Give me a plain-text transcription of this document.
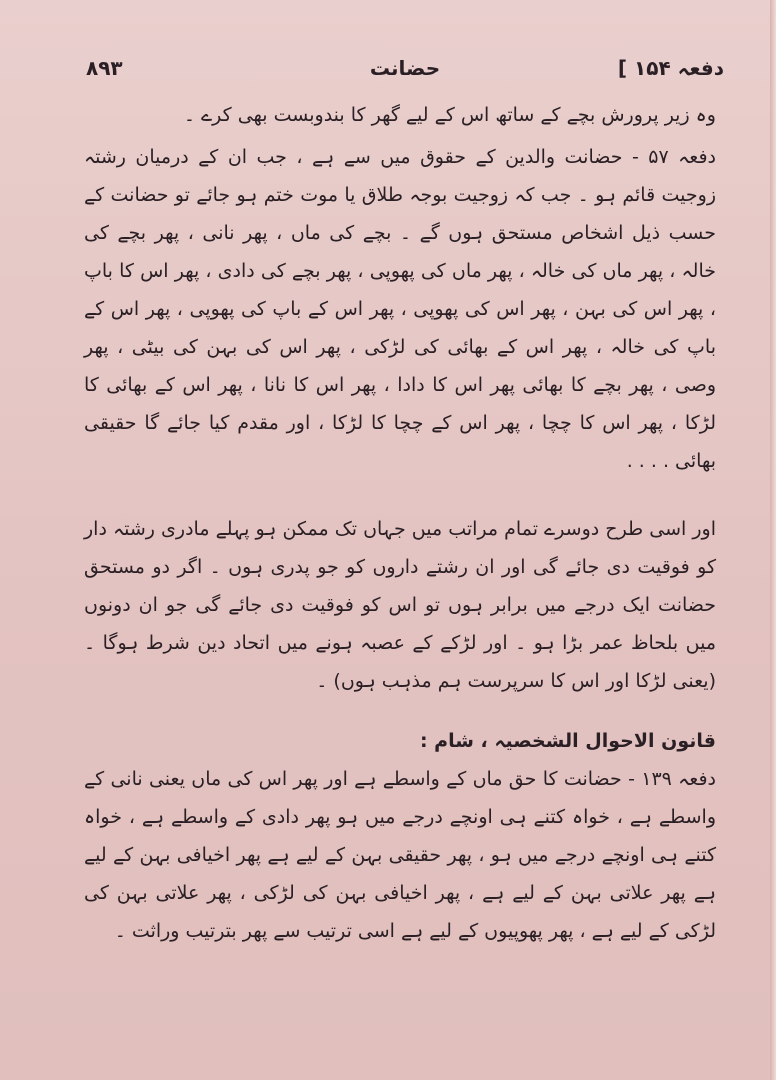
دفعہ ۱۵۴ ]
حضانت
۸۹۳

وہ زیر پرورش بچے کے ساتھ اس کے لیے گھر کا بندوبست بھی کرے ۔

دفعہ ۵۷ - حضانت والدین کے حقوق میں سے ہے ، جب ان کے درمیان رشتہ زوجیت قائم ہو ۔ جب کہ زوجیت بوجہ طلاق یا موت ختم ہو جائے تو حضانت کے حسب ذیل اشخاص مستحق ہوں گے ۔ بچے کی ماں ، پھر نانی ، پھر بچے کی خالہ ، پھر ماں کی خالہ ، پھر ماں کی پھوپی ، پھر بچے کی دادی ، پھر اس کا باپ ، پھر اس کی بہن ، پھر اس کی پھوپی ، پھر اس کے باپ کی پھوپی ، پھر اس کے باپ کی خالہ ، پھر اس کے بھائی کی لڑکی ، پھر اس کی بہن کی بیٹی ، پھر وصی ، پھر بچے کا بھائی پھر اس کا دادا ، پھر اس کا نانا ، پھر اس کے بھائی کا لڑکا ، پھر اس کا چچا ، پھر اس کے چچا کا لڑکا ، اور مقدم کیا جائے گا حقیقی بھائی . . . .

اور اسی طرح دوسرے تمام مراتب میں جہاں تک ممکن ہو پہلے مادری رشتہ دار کو فوقیت دی جائے گی اور ان رشتے داروں کو جو پدری ہوں ۔ اگر دو مستحق حضانت ایک درجے میں برابر ہوں تو اس کو فوقیت دی جائے گی جو ان دونوں میں بلحاظ عمر بڑا ہو ۔ اور لڑکے کے عصبہ ہونے میں اتحاد دین شرط ہوگا ۔ (یعنی لڑکا اور اس کا سرپرست ہم مذہب ہوں) ۔

قانون الاحوال الشخصیہ ، شام :

دفعہ ۱۳۹ - حضانت کا حق ماں کے واسطے ہے اور پھر اس کی ماں یعنی نانی کے واسطے ہے ، خواہ کتنے ہی اونچے درجے میں ہو پھر دادی کے واسطے ہے ، خواہ کتنے ہی اونچے درجے میں ہو ، پھر حقیقی بہن کے لیے ہے پھر اخیافی بہن کے لیے ہے پھر علاتی بہن کے لیے ہے ، پھر اخیافی بہن کی لڑکی ، پھر علاتی بہن کی لڑکی کے لیے ہے ، پھر پھوپیوں کے لیے ہے اسی ترتیب سے پھر بترتیب وراثت ۔
